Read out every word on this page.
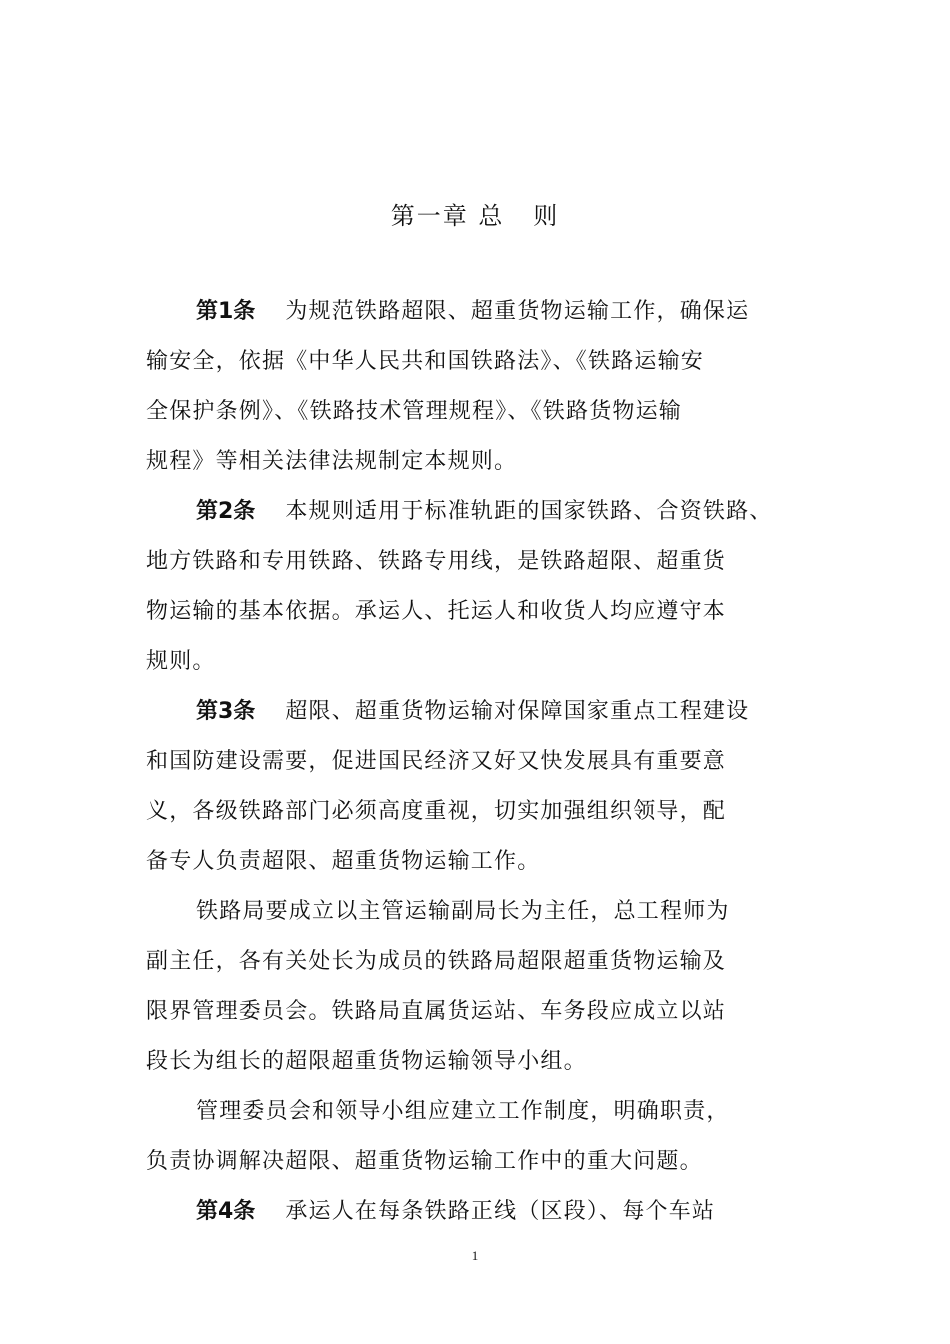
第一章 总   则
第1条 为规范铁路超限、超重货物运输工作，确保运
输安全，依据《中华人民共和国铁路法》、《铁路运输安
全保护条例》、《铁路技术管理规程》、《铁路货物运输
规程》等相关法律法规制定本规则。
第2条 本规则适用于标准轨距的国家铁路、合资铁路、
地方铁路和专用铁路、铁路专用线，是铁路超限、超重货
物运输的基本依据。承运人、托运人和收货人均应遵守本
规则。
第3条 超限、超重货物运输对保障国家重点工程建设
和国防建设需要，促进国民经济又好又快发展具有重要意
义，各级铁路部门必须高度重视，切实加强组织领导，配
备专人负责超限、超重货物运输工作。
铁路局要成立以主管运输副局长为主任，总工程师为
副主任，各有关处长为成员的铁路局超限超重货物运输及
限界管理委员会。铁路局直属货运站、车务段应成立以站
段长为组长的超限超重货物运输领导小组。
管理委员会和领导小组应建立工作制度，明确职责，
负责协调解决超限、超重货物运输工作中的重大问题。
第4条 承运人在每条铁路正线（区段）、每个车站
1
